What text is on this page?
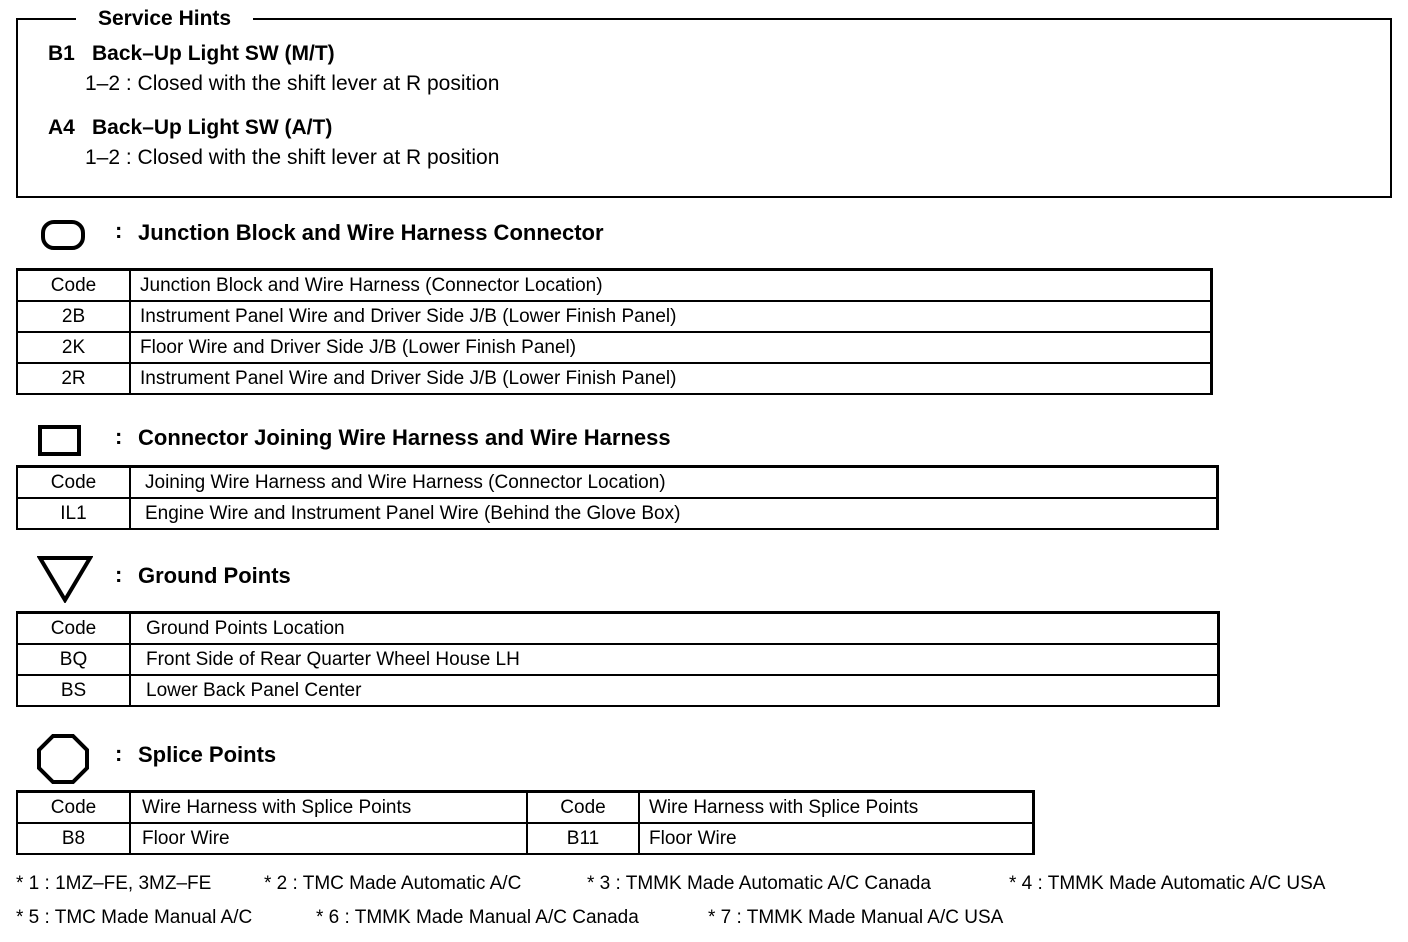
Service Hints
B1 Back–Up Light SW (M/T)
1–2 : Closed with the shift lever at R position
A4 Back–Up Light SW (A/T)
1–2 : Closed with the shift lever at R position
: Junction Block and Wire Harness Connector
Code	Junction Block and Wire Harness (Connector Location)
2B	Instrument Panel Wire and Driver Side J/B (Lower Finish Panel)
2K	Floor Wire and Driver Side J/B (Lower Finish Panel)
2R	Instrument Panel Wire and Driver Side J/B (Lower Finish Panel)
: Connector Joining Wire Harness and Wire Harness
Code	Joining Wire Harness and Wire Harness (Connector Location)
IL1	Engine Wire and Instrument Panel Wire (Behind the Glove Box)
: Ground Points
Code	Ground Points Location
BQ	Front Side of Rear Quarter Wheel House LH
BS	Lower Back Panel Center
: Splice Points
Code	Wire Harness with Splice Points	Code	Wire Harness with Splice Points
B8	Floor Wire	B11	Floor Wire
* 1 : 1MZ–FE, 3MZ–FE	* 2 : TMC Made Automatic A/C	* 3 : TMMK Made Automatic A/C Canada	* 4 : TMMK Made Automatic A/C USA
* 5 : TMC Made Manual A/C	* 6 : TMMK Made Manual A/C Canada	* 7 : TMMK Made Manual A/C USA
